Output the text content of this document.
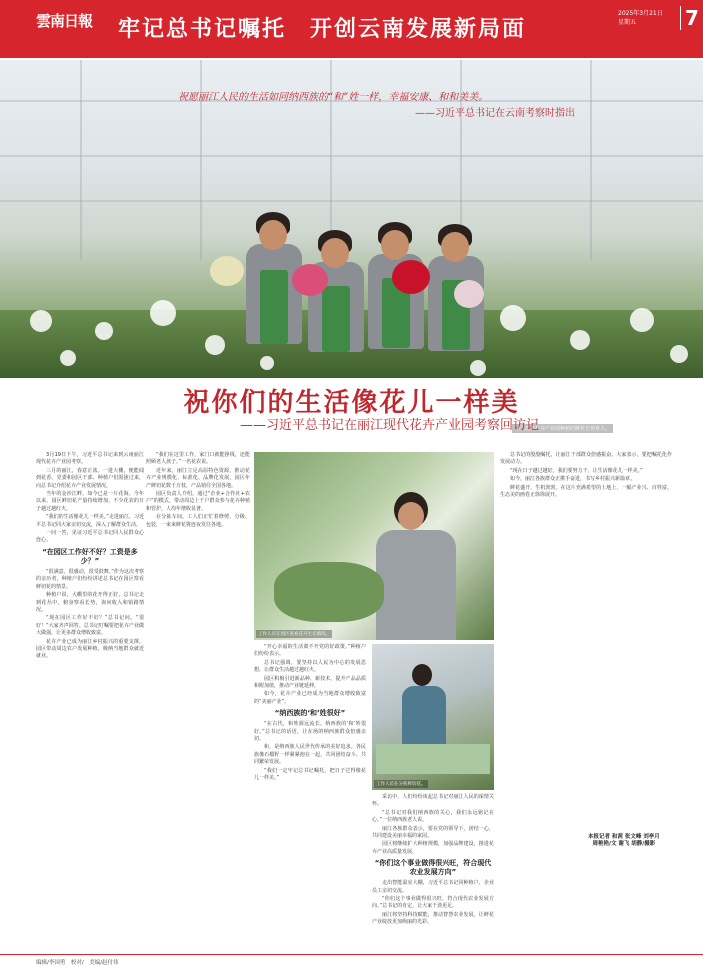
雲南日報 牢记总书记嘱托　开创云南发展新局面
2025年3月21日
星期五	7
丽江现代花卉产业园种植的鲜花长势喜人。
祝愿丽江人民的生活如同纳西族的“和”姓一样，幸福安康、和和美美。
——习近平总书记在云南考察时指出
祝你们的生活像花儿一样美
——习近平总书记在丽江现代花卉产业园考察回访记

3月19日下午，习近平总书记来到云南丽江现代花卉产业园考察。

三月的丽江，春意正浓。一进大棚，便能闻到花香。党委和园区干部、种植户们围拢过来，向总书记介绍花卉产业发展情况。

当年的金沙江畔，如今已是一片花海。今年以来，园区鲜切花产量持续增加，不少花农的日子越过越红火。

“我们的生活像花儿一样美。”走进丽江，习近平总书记同大家亲切交流，深入了解群众生活。

一问一答，见证习近平总书记同人民群众心连心。

“在园区工作好不好？工资是多少？”

“很满意，很感动，很受鼓舞。”作为这次考察的亲历者，种植户们纷纷讲述总书记在园区察看鲜切花的情景。

种植户说，大棚里的花开得正好，总书记走到花丛中，俯身察看长势，询问收入和销路情况。

“现在园区工作好不好？”总书记问。“很好！”大家齐声回答。总书记叮嘱要把花卉产业做大做强，让更多群众增收致富。

花卉产业已成为丽江乡村振兴的重要支撑。园区带动周边农户发展种植，吸纳当地群众就近就业。

工作人员在园区查看花卉生长情况。

“我们在这里工作，家门口就能挣钱，还能照顾老人孩子。”一名花农说。

近年来，丽江立足高原特色资源，推动花卉产业规模化、标准化、品牌化发展，园区年产鲜切花数千万枝，产品销往全国各地。

园区负责人介绍，通过“企业+合作社+农户”的模式，带动周边上千户群众参与花卉种植和管护，人均年增收显著。

在分拣车间，工人们正忙着修剪、分级、包装，一束束鲜花将连夜发往各地。

“开心幸福的生活离不开党的好政策。”种植户们纷纷表示。

总书记强调，要坚持以人民为中心的发展思想，让群众生活越过越红火。

园区积极引进新品种、新技术，提升产品品质和附加值，推动产业链延伸。

如今，花卉产业已经成为当地群众增收致富的“美丽产业”。

“纳西族的‘和’姓很好”

“在古代，和姓源远流长。纳西族的‘和’姓很好。”总书记的话语，让在场的纳西族群众倍感亲切。

和，是纳西族人民世代传承的美好追求。各民族像石榴籽一样紧紧抱在一起，共同团结奋斗、共同繁荣发展。

“我们一定牢记总书记嘱托，把日子过得像花儿一样美。”

工作人员在分拣鲜切花。

采访中，人们纷纷谈起总书记对丽江人民的深情关怀。

“总书记对我们纳西族的关心，我们永远铭记在心。”一位纳西族老人说。

丽江各族群众表示，要在党的领导下，团结一心，共同建设美丽幸福的家园。

园区将继续扩大种植规模，加强品牌建设，推进花卉产业高质量发展。

“你们这个事业做得很兴旺，符合现代农业发展方向”

走出智能温室大棚，习近平总书记同种植户、企业员工亲切交流。

“你们这个事业做得很兴旺，符合现代农业发展方向。”总书记的肯定，让大家干劲更足。

丽江将坚持科技赋能，推动智慧农业发展，让鲜花产业绽放更加绚丽的光彩。

总书记的殷殷嘱托，让丽江干部群众倍感振奋。大家表示，要把嘱托化作发展动力。

“现在日子越过越好，我们要努力干，让生活像花儿一样美。”

如今，丽江各族群众正携手奋进，书写乡村振兴新篇章。

鲜花盛开，生机勃勃。在这片充满希望的土地上，一幅产业兴、百姓富、生态美的画卷正徐徐展开。

本报记者 和茜 张文峰 刘亭月
周艳艳/文 谢飞 胡静/摄影
编辑/李国勇　校对/　美编/赵付伟
